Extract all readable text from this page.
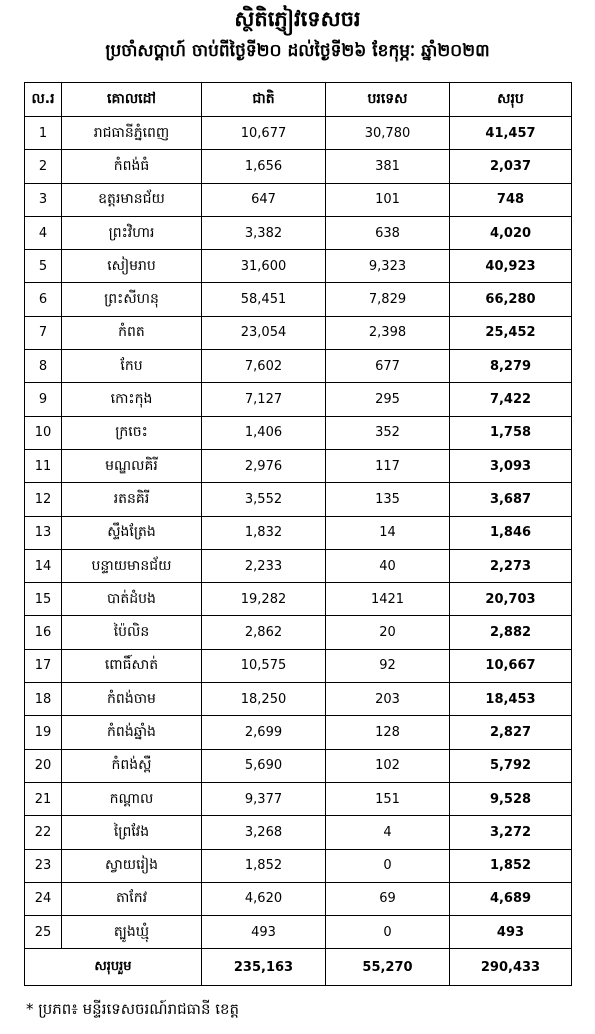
ស្ថិតិភ្ញៀវទេសចរ
ប្រចាំសប្តាហ៍ ចាប់ពីថ្ងៃទី២០ ដល់ថ្ងៃទី២៦ ខែកុម្ភៈ ឆ្នាំ២០២៣
ល.រ	គោលដៅ	ជាតិ	បរទេស	សរុប
1	រាជធានីភ្នំពេញ	10,677	30,780	41,457
2	កំពង់ធំ	1,656	381	2,037
3	ឧត្តរមានជ័យ	647	101	748
4	ព្រះវិហារ	3,382	638	4,020
5	សៀមរាប	31,600	9,323	40,923
6	ព្រះសីហនុ	58,451	7,829	66,280
7	កំពត	23,054	2,398	25,452
8	កែប	7,602	677	8,279
9	កោះកុង	7,127	295	7,422
10	ក្រចេះ	1,406	352	1,758
11	មណ្ឌលគិរី	2,976	117	3,093
12	រតនគិរី	3,552	135	3,687
13	ស្ទឹងត្រែង	1,832	14	1,846
14	បន្ទាយមានជ័យ	2,233	40	2,273
15	បាត់ដំបង	19,282	1421	20,703
16	ប៉ៃលិន	2,862	20	2,882
17	ពោធិ៍សាត់	10,575	92	10,667
18	កំពង់ចាម	18,250	203	18,453
19	កំពង់ឆ្នាំង	2,699	128	2,827
20	កំពង់ស្ពឺ	5,690	102	5,792
21	កណ្តាល	9,377	151	9,528
22	ព្រៃវែង	3,268	4	3,272
23	ស្វាយរៀង	1,852	0	1,852
24	តាកែវ	4,620	69	4,689
25	ត្បូងឃ្មុំ	493	0	493
សរុបរួម		235,163	55,270	290,433
* ប្រភព៖ មន្ទីរទេសចរណ៍រាជធានី ខេត្ត
